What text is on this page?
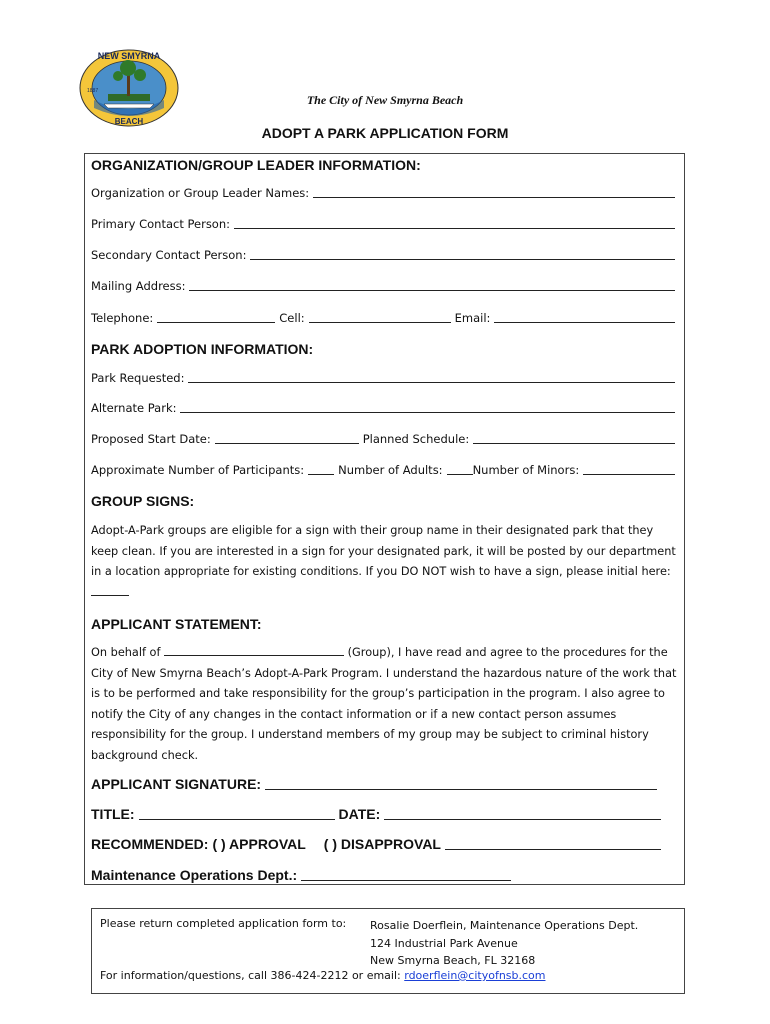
NEW SMYRNA
BEACH
1887
The City of New Smyrna Beach
ADOPT A PARK APPLICATION FORM
ORGANIZATION/GROUP LEADER INFORMATION:
Organization or Group Leader Names:
Primary Contact Person:
Secondary Contact Person:
Mailing Address:
Telephone:	Cell:	Email:
PARK ADOPTION INFORMATION:
Park Requested:
Alternate Park:
Proposed Start Date:	Planned Schedule:
Approximate Number of Participants:	Number of Adults:	Number of Minors:
GROUP SIGNS:

Adopt-A-Park groups are eligible for a sign with their group name in their designated park that they keep clean. If you are interested in a sign for your designated park, it will be posted by our department in a location appropriate for existing conditions. If you DO NOT wish to have a sign, please initial here:

APPLICANT STATEMENT:

On behalf of	(Group), I have read and agree to the procedures for the City of New Smyrna Beach’s Adopt-A-Park Program. I understand the hazardous nature of the work that is to be performed and take responsibility for the group’s participation in the program. I also agree to notify the City of any changes in the contact information or if a new contact person assumes responsibility for the group. I understand members of my group may be subject to criminal history background check.

APPLICANT SIGNATURE:
TITLE:	DATE:
RECOMMENDED: ( ) APPROVAL ( ) DISAPPROVAL
Maintenance Operations Dept.:
Please return completed application form to: Rosalie Doerflein, Maintenance Operations Dept.
124 Industrial Park Avenue
New Smyrna Beach, FL 32168
For information/questions, call 386-424-2212 or email: rdoerflein@cityofnsb.com
